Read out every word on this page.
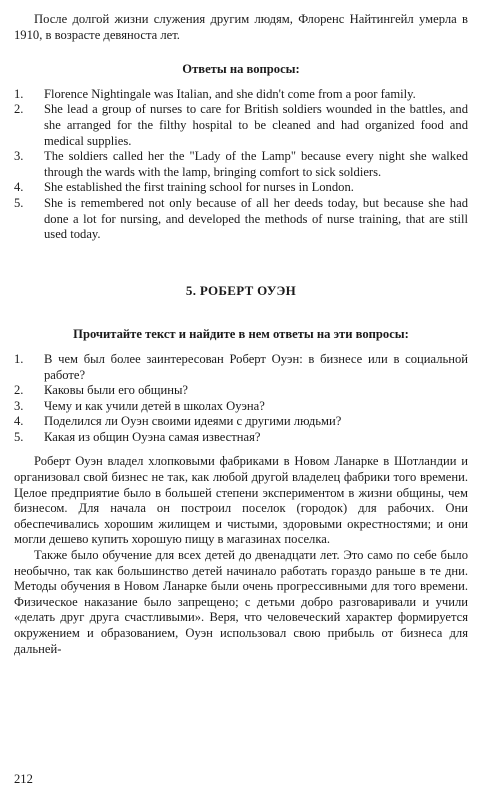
После долгой жизни служения другим людям, Флоренс Найтингейл умерла в 1910, в возрасте девяноста лет.

Ответы на вопросы:

1.	Florence Nightingale was Italian, and she didn't come from a poor family.
2.	She lead a group of nurses to care for British soldiers wounded in the battles, and she arranged for the filthy hospital to be cleaned and had organized food and medical supplies.
3.	The soldiers called her the "Lady of the Lamp" because every night she walked through the wards with the lamp, bringing comfort to sick soldiers.
4.	She established the first training school for nurses in London.
5.	She is remembered not only because of all her deeds today, but because she had done a lot for nursing, and developed the methods of nurse training, that are still used today.

5. РОБЕРТ ОУЭН

Прочитайте текст и найдите в нем ответы на эти вопросы:

1.	В чем был более заинтересован Роберт Оуэн: в бизнесе или в социальной работе?
2.	Каковы были его общины?
3.	Чему и как учили детей в школах Оуэна?
4.	Поделился ли Оуэн своими идеями с другими людьми?
5.	Какая из общин Оуэна самая известная?

Роберт Оуэн владел хлопковыми фабриками в Новом Ланарке в Шотландии и организовал свой бизнес не так, как любой другой владелец фабрики того времени. Целое предприятие было в большей степени экспериментом в жизни общины, чем бизнесом. Для начала он построил поселок (городок) для рабочих. Они обеспечивались хорошим жилищем и чистыми, здоровыми окрестностями; и они могли дешево купить хорошую пищу в магазинах поселка.

Также было обучение для всех детей до двенадцати лет. Это само по себе было необычно, так как большинство детей начинало работать гораздо раньше в те дни. Методы обучения в Новом Ланарке были очень прогрессивными для того времени. Физическое наказание было запрещено; с детьми добро разговаривали и учили «делать друг друга счастливыми». Веря, что человеческий характер формируется окружением и образованием, Оуэн использовал свою прибыль от бизнеса для дальней-

212
